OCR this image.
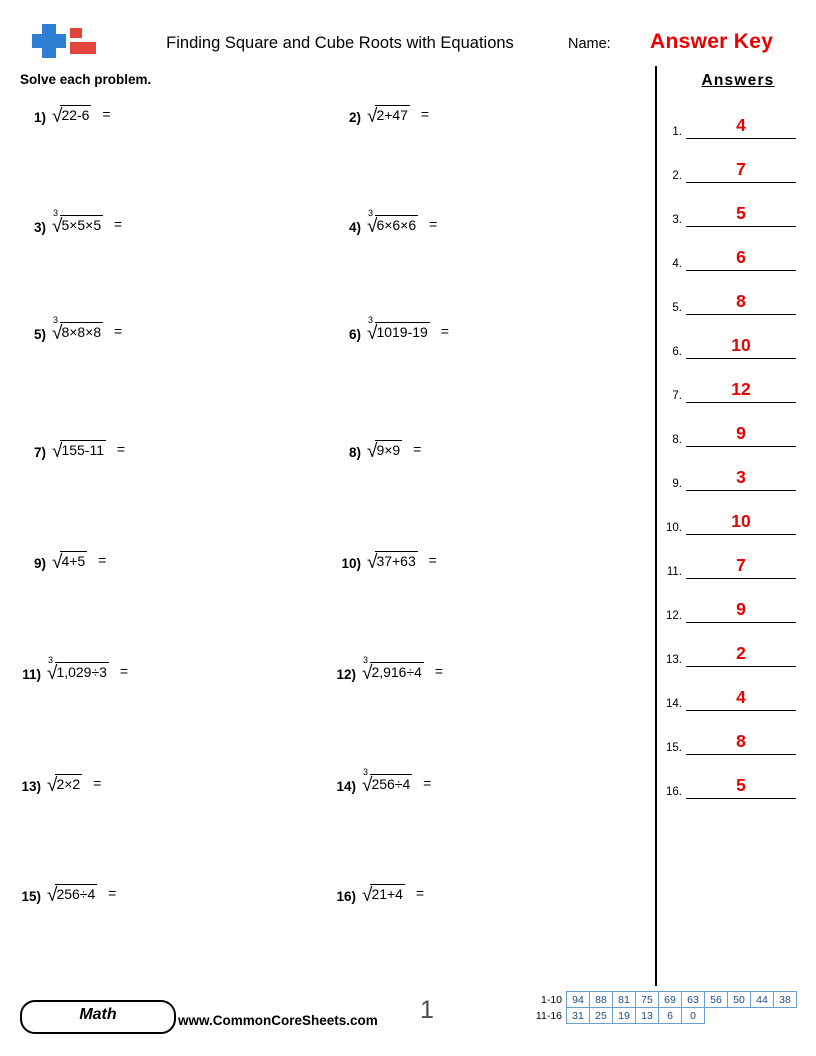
Finding Square and Cube Roots with Equations	Name: Answer Key
Solve each problem.
1) √22-6 =	2) √2+47 =
3)
3
√5×5×5 =	4)
3
√6×6×6 =
5)
3
√8×8×8 =	6)
3
√1019-19 =
7) √155-11 =	8) √9×9 =
9) √4+5 =	10) √37+63 =
11)
3
√1,029÷3 =	12)
3
√2,916÷4 =
13) √2×2 =	14)
3
√256÷4 =
15) √256÷4 =	16) √21+4 =
Answers
1.	4
2.	7
3.	5
4.	6
5.	8
6.	10
7.	12
8.	9
9.	3
10.	10
11.	7
12.	9
13.	2
14.	4
15.	8
16.	5
Math	www.CommonCoreSheets.com 1	1-10	94	88	81	75	69	63	56	50	44	38
11-16	31	25	19	13	6	0				
